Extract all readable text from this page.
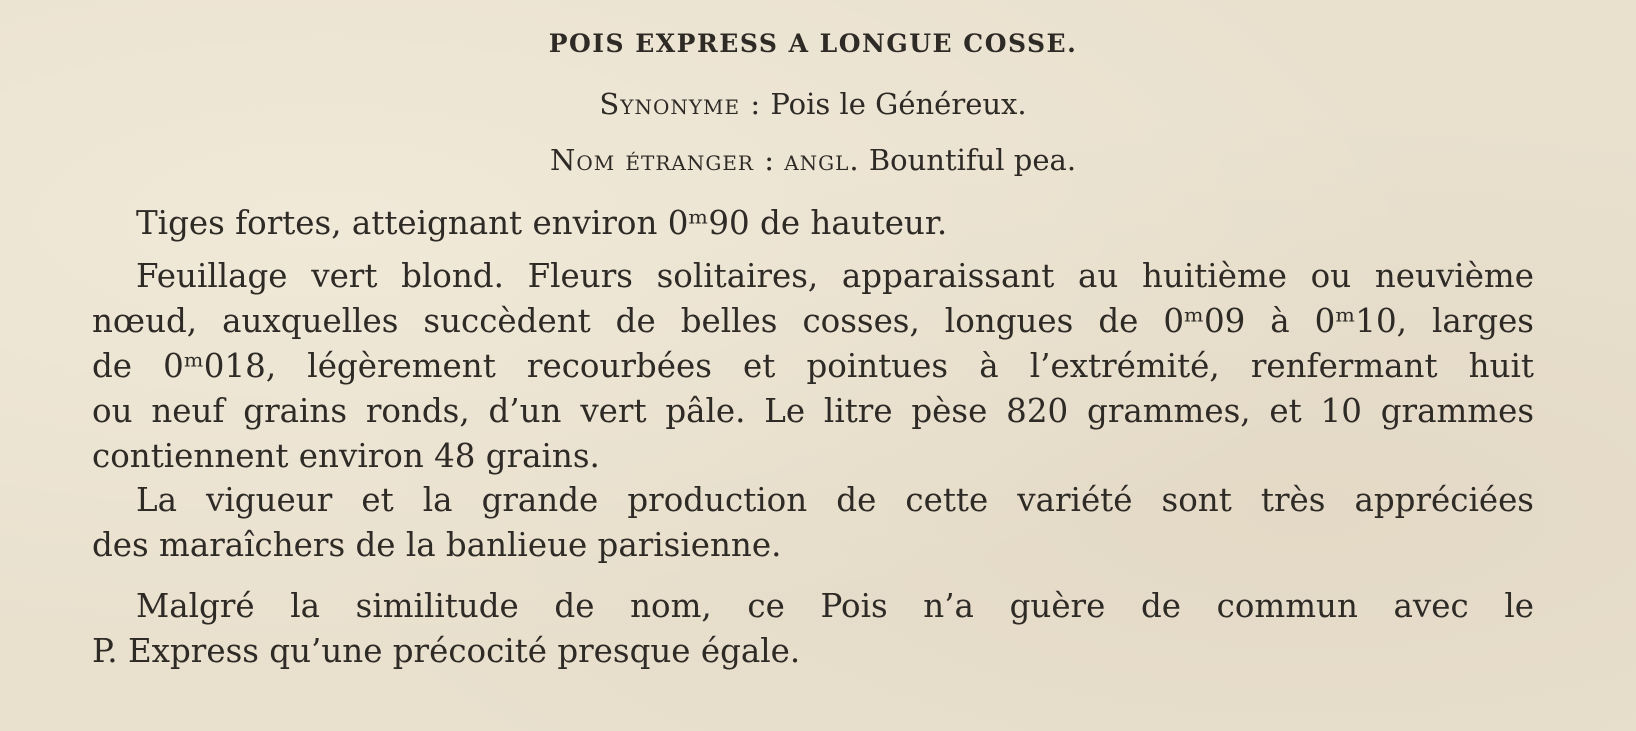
POIS EXPRESS A LONGUE COSSE.
Synonyme : Pois le Généreux.
Nom étranger : angl. Bountiful pea.
Tiges fortes, atteignant environ 0ᵐ90 de hauteur.
Feuillage vert blond. Fleurs solitaires, apparaissant au huitième ou neuvième
nœud, auxquelles succèdent de belles cosses, longues de 0ᵐ09 à 0ᵐ10, larges
de 0ᵐ018, légèrement recourbées et pointues à l’extrémité, renfermant huit
ou neuf grains ronds, d’un vert pâle. Le litre pèse 820 grammes, et 10 grammes
contiennent environ 48 grains.
La vigueur et la grande production de cette variété sont très appréciées
des maraîchers de la banlieue parisienne.
Malgré la similitude de nom, ce Pois n’a guère de commun avec le
P. Express qu’une précocité presque égale.
